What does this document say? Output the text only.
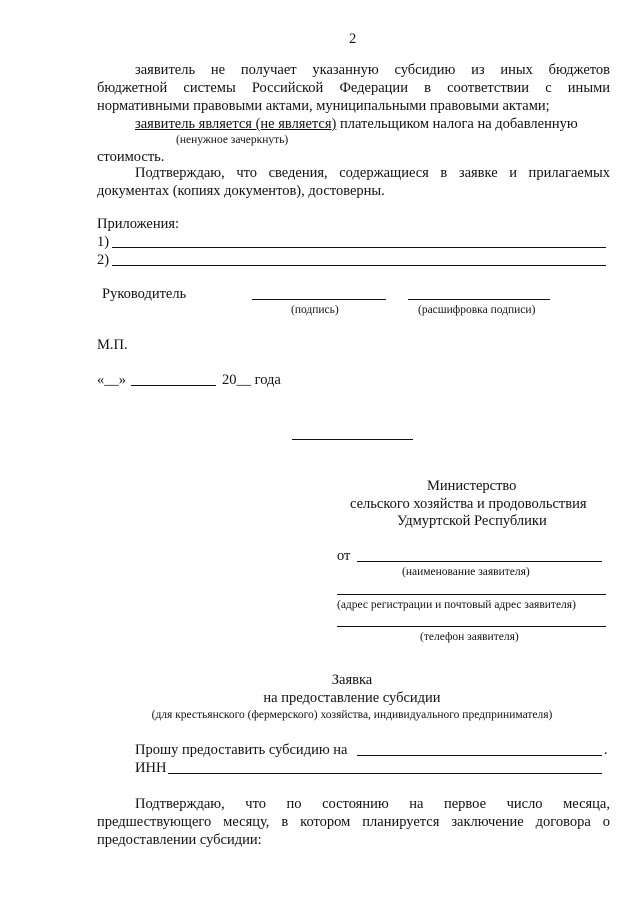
2
заявитель не получает указанную субсидию из иных бюджетов
бюджетной системы Российской Федерации в соответствии с иными
нормативными правовыми актами, муниципальными правовыми актами;
заявитель является (не является) плательщиком налога на добавленную
(ненужное зачеркнуть)
стоимость.
Подтверждаю, что сведения, содержащиеся в заявке и прилагаемых
документах (копиях документов), достоверны.
Приложения:
1)
2)
Руководитель
(подпись)	(расшифровка подписи)
М.П.
«__»	20__ года
Министерство
сельского хозяйства и продовольствия
Удмуртской Республики
от
(наименование заявителя)
(адрес регистрации и почтовый адрес заявителя)
(телефон заявителя)
Заявка
на предоставление субсидии
(для крестьянского (фермерского) хозяйства, индивидуального предпринимателя)
Прошу предоставить субсидию на	.
ИНН
Подтверждаю, что по состоянию на первое число месяца,
предшествующего месяцу, в котором планируется заключение договора о
предоставлении субсидии:
